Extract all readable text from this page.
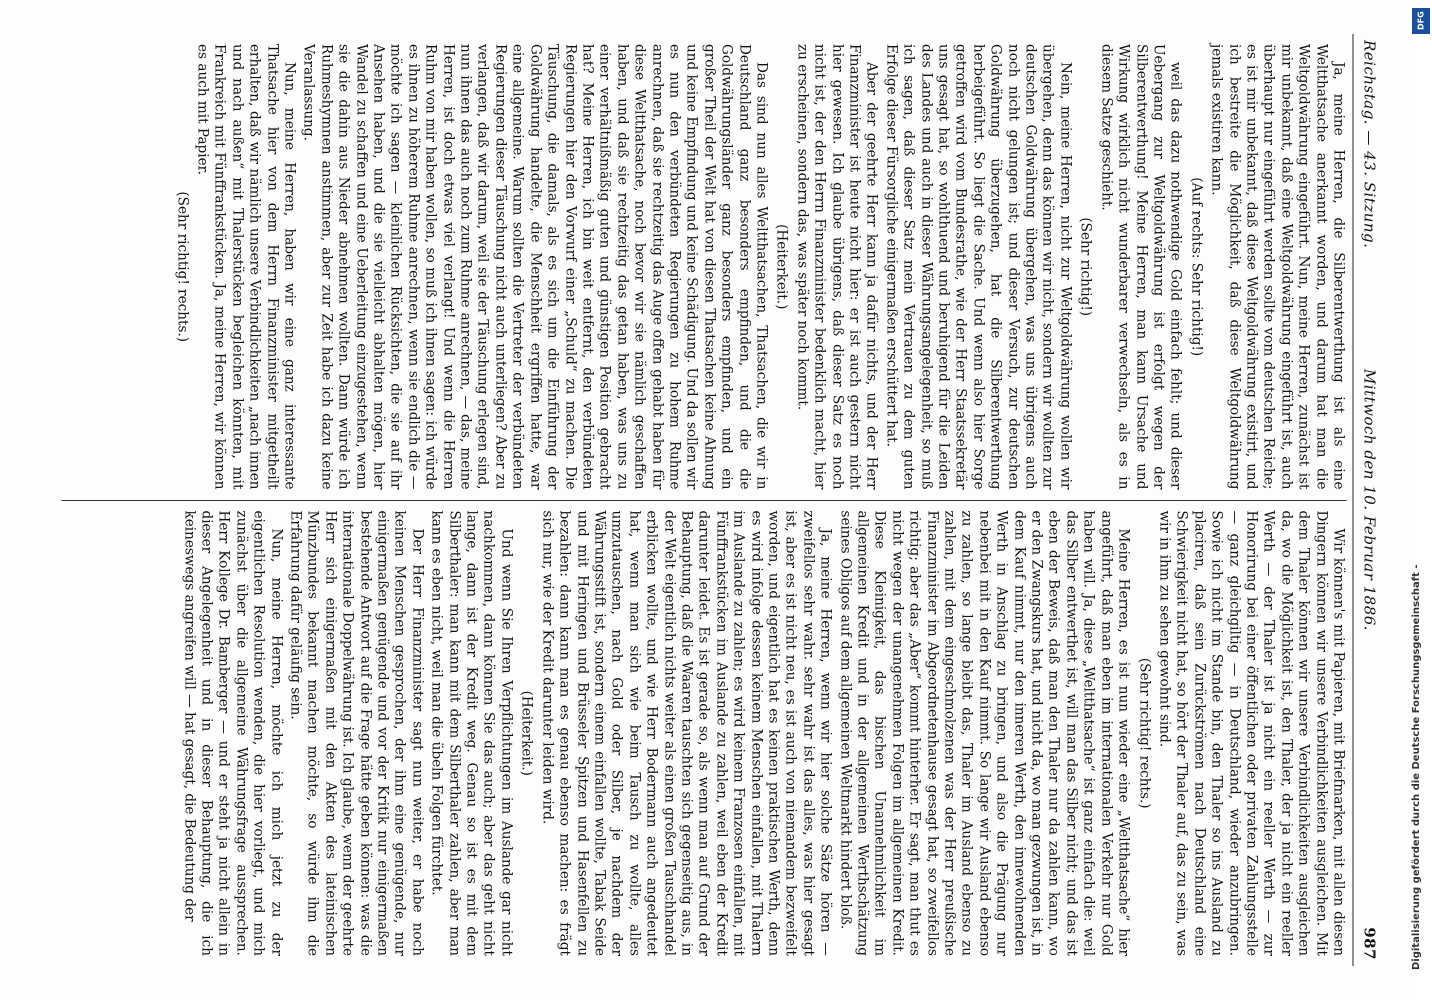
Reichstag. — 43. Sitzung.
Mittwoch den 10. Februar 1886.
987

Ja, meine Herren, die Silberentwerthung ist als eine Weltthatsache anerkannt worden, und darum hat man die Weltgoldwährung eingeführt. Nun, meine Herren, zunächst ist mir unbekannt, daß eine Weltgoldwährung eingeführt ist, auch überhaupt nur eingeführt werden sollte vom deutschen Reiche; es ist mir unbekannt, daß diese Weltgoldwährung existirt, und ich bestreite die Möglichkeit, daß diese Weltgoldwährung jemals existiren kann.

(Auf rechts: Sehr richtig!)

weil das dazu nothwendige Gold einfach fehlt; und dieser Uebergang zur Weltgoldwährung ist erfolgt wegen der Silberentwerthung! Meine Herren, man kann Ursache und Wirkung wirklich nicht wunderbarer verwechseln, als es in diesem Satze geschieht.

(Sehr richtig!)

Nein, meine Herren, nicht zur Weltgoldwährung wollen wir übergehen, denn das können wir nicht, sondern wir wollten zur deutschen Goldwährung übergehen, was uns übrigens auch noch nicht gelungen ist; und dieser Versuch, zur deutschen Goldwährung überzugehen, hat die Silberentwerthung herbeigeführt. So liegt die Sache. Und wenn also hier Sorge getroffen wird vom Bundesrathe, wie der Herr Staatssekretär uns gesagt hat, so wohlthuend und beruhigend für die Leiden des Landes und auch in dieser Währungsangelegenheit, so muß ich sagen, daß dieser Satz mein Vertrauen zu dem guten Erfolge dieser Fürsorgliche einigermaßen erschüttert hat.

Aber der geehrte Herr kann ja dafür nichts, und der Herr Finanzminister ist heute nicht hier: er ist auch gestern nicht hier gewesen. Ich glaube übrigens, daß dieser Satz es noch nicht ist, der den Herrn Finanzminister bedenklich macht, hier zu erscheinen, sondern das, was später noch kommt.

(Heiterkeit.)

Das sind nun alles Weltthatsachen, Thatsachen, die wir in Deutschland ganz besonders empfinden, und die die Goldwährungsländer ganz besonders empfinden, und ein großer Theil der Welt hat von diesen Thatsachen keine Ahnung und keine Empfindung und keine Schädigung. Und da sollen wir es nun den verbündeten Regierungen zu hohem Ruhme anrechnen, daß sie rechtzeitig das Auge offen gehabt haben für diese Weltthatsache, noch bevor wir sie nämlich geschaffen haben, und daß sie rechtzeitig das getan haben, was uns zu einer verhältnißmäßig guten und günstigen Position gebracht hat? Meine Herren, ich bin weit entfernt, den verbündeten Regierungen hier den Vorwurf einer „Schuld“ zu machen. Die Täuschung, die damals, als es sich um die Einführung der Goldwährung handelte, die Menschheit ergriffen hatte, war eine allgemeine. Warum sollten die Vertreter der verbündeten Regierungen dieser Täuschung nicht auch unterliegen? Aber zu verlangen, daß wir darum, weil sie der Täuschung erlegen sind, nun ihnen das auch noch zum Ruhme anrechnen, — das, meine Herren, ist doch etwas viel verlangt! Und wenn die Herren Ruhm von mir haben wollen, so muß ich ihnen sagen: ich würde es ihnen zu höherem Ruhme anrechnen, wenn sie endlich die — möchte ich sagen — kleinlichen Rücksichten, die sie auf ihr Ansehen haben, und die sie vielleicht abhalten mögen, hier Wandel zu schaffen und eine Ueberleitung einzugestehen, wenn sie die dahin aus Nieder abnehmen wollten. Dann würde ich Ruhmeshymnen anstimmen, aber zur Zeit habe ich dazu keine Veranlassung.

Nun, meine Herren, haben wir eine ganz interessante Thatsache hier von dem Herrn Finanzminister mitgetheilt erhalten, daß wir nämlich unsere Verbindlichkeiten „nach innen und nach außen“ mit Thalerstücken begleichen könnten, mit Frankreich mit Fünffrankstücken. Ja, meine Herren, wir können es auch mit Papier.

(Sehr richtig! rechts.)

Wir können's mit Papieren, mit Briefmarken, mit allen diesen Dingern können wir unsere Verbindlichkeiten ausgleichen. Mit dem Thaler können wir unsere Verbindlichkeiten ausgleichen da, wo die Möglichkeit ist, den Thaler, der ja nicht ein reeller Werth — der Thaler ist ja nicht ein reeller Werth — zur Honorirung bei einer öffentlichen oder privaten Zahlungsstelle — ganz gleichgiltig — in Deutschland, wieder anzubringen. Sowie ich nicht im Stande bin, den Thaler so ins Ausland zu placiren, daß sein Zurückströmen nach Deutschland eine Schwierigkeit nicht hat, so hört der Thaler auf, das zu sein, was wir in ihm zu sehen gewohnt sind.

(Sehr richtig! rechts.)

Meine Herren, es ist nun wieder eine „Weltthatsache“ hier angeführt, daß man eben im internationalen Verkehr nur Gold haben will. Ja, diese „Weltthatsache“ ist ganz einfach die: weil das Silber entwerthet ist, will man das Silber nicht; und das ist eben der Beweis, daß man den Thaler nur da zahlen kann, wo er den Zwangskurs hat, und nicht da, wo man gezwungen ist, in dem Kauf nimmt, nur den inneren Werth, den innewohnenden Werth in Anschlag zu bringen, und also die Prägung nur nebenbei mit in den Kauf nimmt. So lange wir Ausland ebenso zu zahlen, so lange bleibt das, Thaler im Ausland ebenso zu zahlen, mit dem eingeschmolzenen was der Herr preußische Finanzminister im Abgeordnetenhause gesagt hat, so zweifellos richtig; aber das „Aber“ kommt hinterher. Er sagt, man thut es nicht wegen der unangenehmen Folgen im allgemeinen Kredit. Diese Kleinigkeit, das bischen Unannehmlichkeit im allgemeinen Kredit und in der allgemeinen Werthschätzung seines Obligos auf dem allgemeinen Weltmarkt hindert bloß.

Ja, meine Herren, wenn wir hier solche Sätze hören — zweifellos sehr wahr. sehr wahr ist das alles, was hier gesagt ist, aber es ist nicht neu, es ist auch von niemandem bezweifelt worden, und eigentlich hat es keinen praktischen Werth, denn es wird infolge dessen keinem Menschen einfallen, mit Thalern im Auslande zu zahlen; es wird keinem Franzosen einfallen, mit Fünffrankstücken im Auslande zu zahlen, weil eben der Kredit darunter leidet. Es ist gerade so, als wenn man auf Grund der Behauptung, daß die Waaren tauschten sich gegenseitig aus, in der Welt eigentlich nichts weiter als einen großen Tauschhandel erblicken wollte, und wie Herr Bodermann auch angedeutet hat, wenn man sich wie beim Tausch zu wollte, alles umzutauschen, nach Gold oder Silber, je nachdem der Währungsstift ist, sondern einem einfallen wollte, Tabak Seide und mit Heringen und Brüsseler Spitzen und Hasenfellen zu bezahlen: dann kann man es genau ebenso machen: es frägt sich nur, wie der Kredit darunter leiden wird.

(Heiterkeit.)

Und wenn Sie Ihren Verpflichtungen im Auslande gar nicht nachkommen, dann können Sie das auch; aber das geht nicht lange, dann ist der Kredit weg. Genau so ist es mit dem Silberthaler: man kann mit dem Silberthaler zahlen, aber man kann es eben nicht, weil man die übeln Folgen fürchtet.

Der Herr Finanzminister sagt nun weiter, er habe noch keinen Menschen gesprochen, der ihm eine genügende, nur einigermaßen genügende und vor der Kritik nur einigermaßen bestehende Antwort auf die Frage hätte geben können: was die internationale Doppelwährung ist. Ich glaube, wenn der geehrte Herr sich einigermaßen mit den Akten des lateinischen Münzbundes bekannt machen möchte, so würde ihm die Erfahrung dafür geläufig sein.

Nun, meine Herren, möchte ich mich jetzt zu der eigentlichen Resolution wenden, die hier vorliegt, und mich zunächst über die allgemeine Währungsfrage aussprechen. Herr Kollege Dr. Bamberger — und er steht ja nicht allein in dieser Angelegenheit und in dieser Behauptung, die ich keineswegs angreifen will — hat gesagt, die Bedeutung der

DFG
Digitalisierung gefördert durch die Deutsche Forschungsgemeinschaft -
